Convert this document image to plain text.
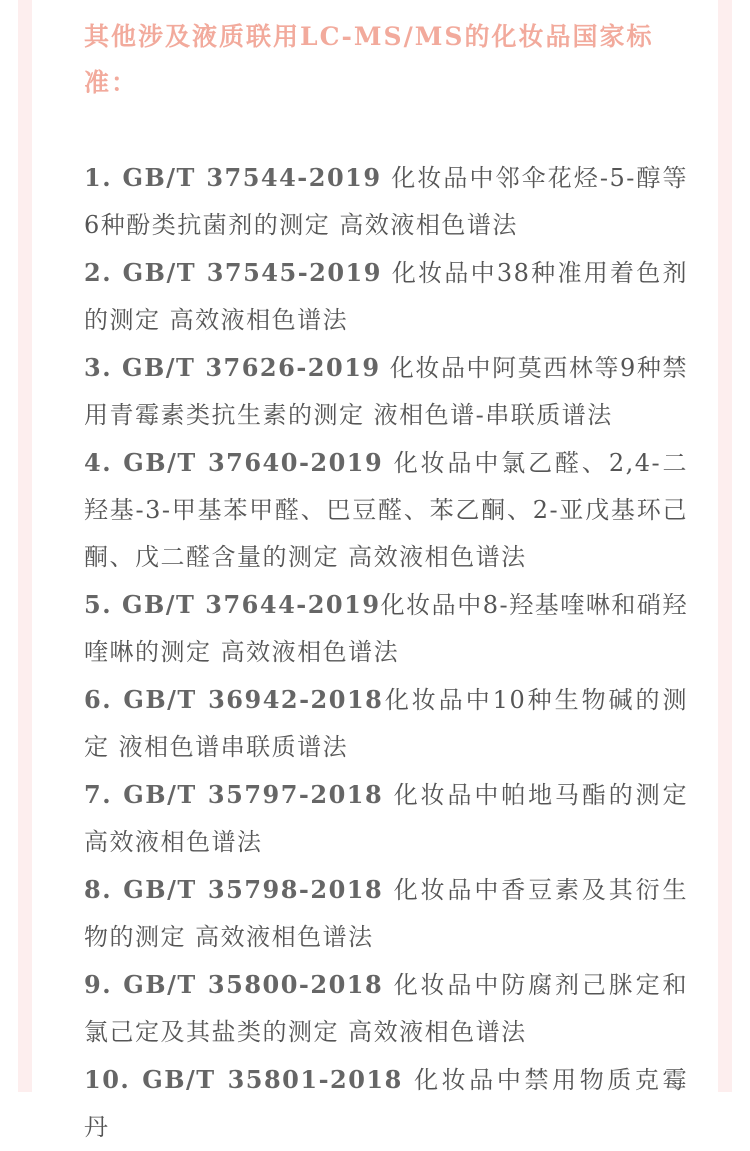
其他涉及液质联用LC-MS/MS的化妆品国家标准：

1. GB/T 37544-2019 化妆品中邻伞花烃-5-醇等6种酚类抗菌剂的测定 高效液相色谱法
2. GB/T 37545-2019 化妆品中38种准用着色剂的测定 高效液相色谱法
3. GB/T 37626-2019 化妆品中阿莫西林等9种禁用青霉素类抗生素的测定 液相色谱-串联质谱法
4. GB/T 37640-2019 化妆品中氯乙醛、2,4-二羟基-3-甲基苯甲醛、巴豆醛、苯乙酮、2-亚戊基环己酮、戊二醛含量的测定 高效液相色谱法
5. GB/T 37644-2019化妆品中8-羟基喹啉和硝羟喹啉的测定 高效液相色谱法
6. GB/T 36942-2018化妆品中10种生物碱的测定 液相色谱串联质谱法
7. GB/T 35797-2018 化妆品中帕地马酯的测定 高效液相色谱法
8. GB/T 35798-2018 化妆品中香豆素及其衍生物的测定 高效液相色谱法
9. GB/T 35800-2018 化妆品中防腐剂己脒定和氯己定及其盐类的测定 高效液相色谱法
10. GB/T 35801-2018 化妆品中禁用物质克霉丹
